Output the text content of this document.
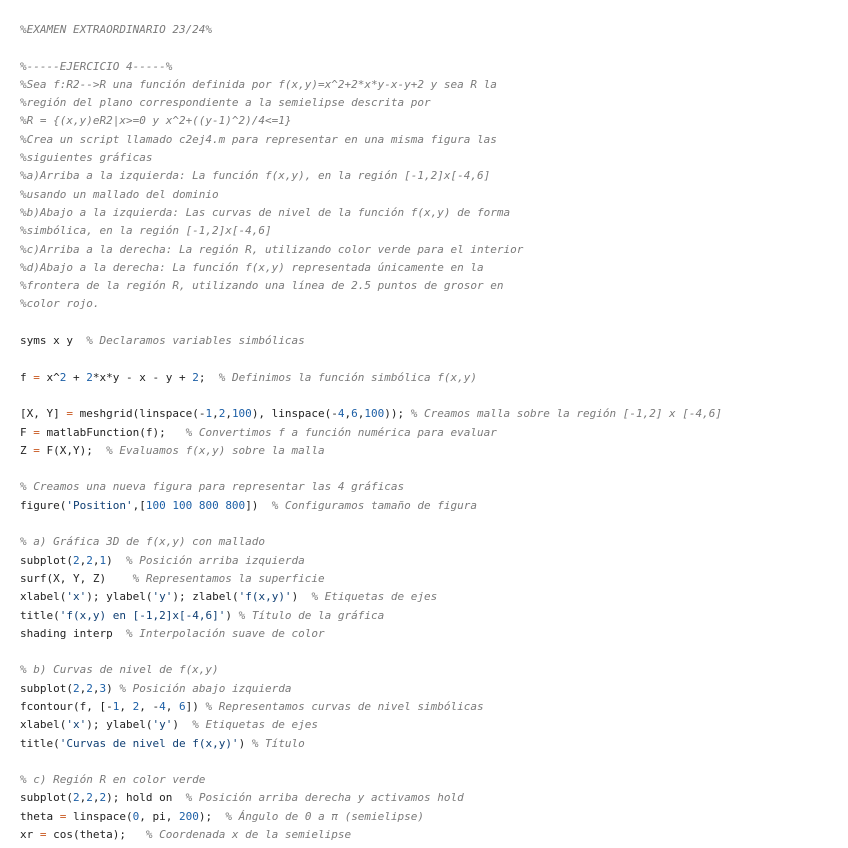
%EXAMEN EXTRAORDINARIO 23/24%
%-----EJERCICIO 4-----%
%Sea f:R2-->R una función definida por f(x,y)=x^2+2*x*y-x-y+2 y sea R la
%región del plano correspondiente a la semielipse descrita por
%R = {(x,y)eR2|x>=0 y x^2+((y-1)^2)/4<=1}
%Crea un script llamado c2ej4.m para representar en una misma figura las
%siguientes gráficas
%a)Arriba a la izquierda: La función f(x,y), en la región [-1,2]x[-4,6]
%usando un mallado del dominio
%b)Abajo a la izquierda: Las curvas de nivel de la función f(x,y) de forma
%simbólica, en la región [-1,2]x[-4,6]
%c)Arriba a la derecha: La región R, utilizando color verde para el interior
%d)Abajo a la derecha: La función f(x,y) representada únicamente en la
%frontera de la región R, utilizando una línea de 2.5 puntos de grosor en
%color rojo.
syms x y  % Declaramos variables simbólicas
f = x^2 + 2*x*y - x - y + 2;  % Definimos la función simbólica f(x,y)
[X, Y] = meshgrid(linspace(-1,2,100), linspace(-4,6,100)); % Creamos malla sobre la región [-1,2] x [-4,6]
F = matlabFunction(f);   % Convertimos f a función numérica para evaluar
Z = F(X,Y);  % Evaluamos f(x,y) sobre la malla
% Creamos una nueva figura para representar las 4 gráficas
figure('Position',[100 100 800 800])  % Configuramos tamaño de figura
% a) Gráfica 3D de f(x,y) con mallado
subplot(2,2,1)  % Posición arriba izquierda
surf(X, Y, Z)    % Representamos la superficie
xlabel('x'); ylabel('y'); zlabel('f(x,y)')  % Etiquetas de ejes
title('f(x,y) en [-1,2]x[-4,6]') % Título de la gráfica
shading interp  % Interpolación suave de color
% b) Curvas de nivel de f(x,y)
subplot(2,2,3) % Posición abajo izquierda
fcontour(f, [-1, 2, -4, 6]) % Representamos curvas de nivel simbólicas
xlabel('x'); ylabel('y')  % Etiquetas de ejes
title('Curvas de nivel de f(x,y)') % Título
% c) Región R en color verde
subplot(2,2,2); hold on  % Posición arriba derecha y activamos hold
theta = linspace(0, pi, 200);  % Ángulo de 0 a π (semielipse)
xr = cos(theta);   % Coordenada x de la semielipse
